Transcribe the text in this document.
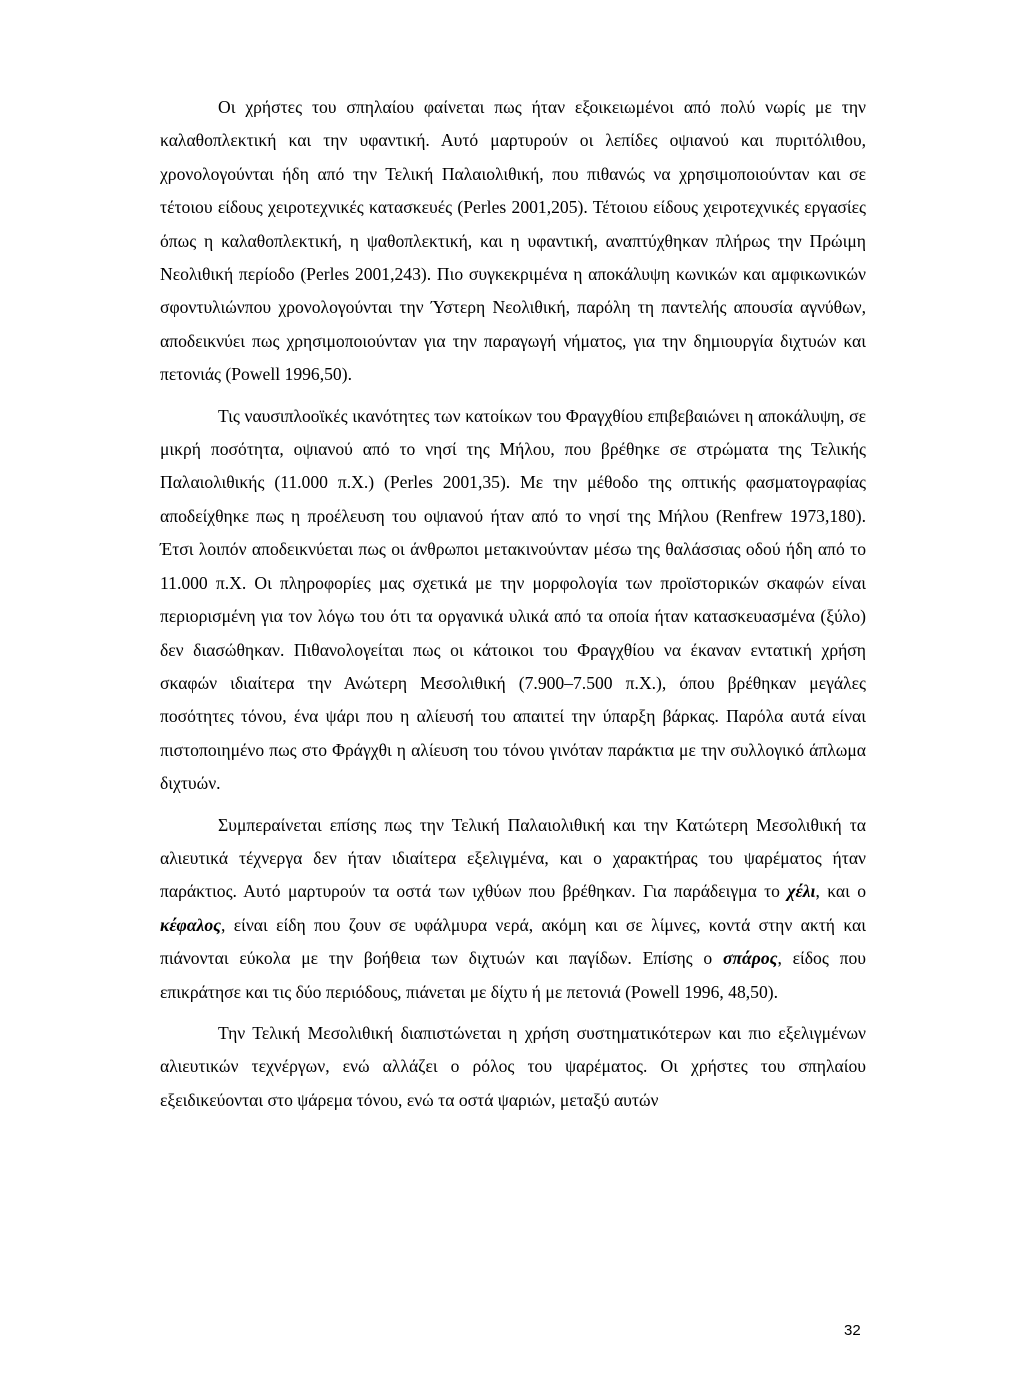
Οι χρήστες του σπηλαίου φαίνεται πως ήταν εξοικειωμένοι από πολύ νωρίς με την καλαθοπλεκτική και την υφαντική. Αυτό μαρτυρούν οι λεπίδες οψιανού και πυριτόλιθου, χρονολογούνται ήδη από την Τελική Παλαιολιθική, που πιθανώς να χρησιμοποιούνταν και σε τέτοιου είδους χειροτεχνικές κατασκευές (Perles 2001,205). Τέτοιου είδους χειροτεχνικές εργασίες όπως η καλαθοπλεκτική, η ψαθοπλεκτική, και η υφαντική, αναπτύχθηκαν πλήρως την Πρώιμη Νεολιθική περίοδο (Perles 2001,243). Πιο συγκεκριμένα η αποκάλυψη κωνικών και αμφικωνικών σφοντυλιώνπου χρονολογούνται την Ύστερη Νεολιθική, παρόλη τη παντελής απουσία αγνύθων, αποδεικνύει πως χρησιμοποιούνταν για την παραγωγή νήματος, για την δημιουργία διχτυών και πετονιάς (Powell 1996,50).

Τις ναυσιπλοοϊκές ικανότητες των κατοίκων του Φραγχθίου επιβεβαιώνει η αποκάλυψη, σε μικρή ποσότητα, οψιανού από το νησί της Μήλου, που βρέθηκε σε στρώματα της Τελικής Παλαιολιθικής (11.000 π.Χ.) (Perles 2001,35). Με την μέθοδο της οπτικής φασματογραφίας αποδείχθηκε πως η προέλευση του οψιανού ήταν από το νησί της Μήλου (Renfrew 1973,180). Έτσι λοιπόν αποδεικνύεται πως οι άνθρωποι μετακινούνταν μέσω της θαλάσσιας οδού ήδη από το 11.000 π.Χ. Οι πληροφορίες μας σχετικά με την μορφολογία των προϊστορικών σκαφών είναι περιορισμένη για τον λόγω του ότι τα οργανικά υλικά από τα οποία ήταν κατασκευασμένα (ξύλο) δεν διασώθηκαν. Πιθανολογείται πως οι κάτοικοι του Φραγχθίου να έκαναν εντατική χρήση σκαφών ιδιαίτερα την Ανώτερη Μεσολιθική (7.900–7.500 π.Χ.), όπου βρέθηκαν μεγάλες ποσότητες τόνου, ένα ψάρι που η αλίευσή του απαιτεί την ύπαρξη βάρκας. Παρόλα αυτά είναι πιστοποιημένο πως στο Φράγχθι η αλίευση του τόνου γινόταν παράκτια με την συλλογικό άπλωμα διχτυών.

Συμπεραίνεται επίσης πως την Τελική Παλαιολιθική και την Κατώτερη Μεσολιθική τα αλιευτικά τέχνεργα δεν ήταν ιδιαίτερα εξελιγμένα, και ο χαρακτήρας του ψαρέματος ήταν παράκτιος. Αυτό μαρτυρούν τα οστά των ιχθύων που βρέθηκαν. Για παράδειγμα το χέλι, και ο κέφαλος, είναι είδη που ζουν σε υφάλμυρα νερά, ακόμη και σε λίμνες, κοντά στην ακτή και πιάνονται εύκολα με την βοήθεια των διχτυών και παγίδων. Επίσης ο σπάρος, είδος που επικράτησε και τις δύο περιόδους, πιάνεται με δίχτυ ή με πετονιά (Powell 1996, 48,50).

Την Τελική Μεσολιθική διαπιστώνεται η χρήση συστηματικότερων και πιο εξελιγμένων αλιευτικών τεχνέργων, ενώ αλλάζει ο ρόλος του ψαρέματος. Οι χρήστες του σπηλαίου εξειδικεύονται στο ψάρεμα τόνου, ενώ τα οστά ψαριών, μεταξύ αυτών

32
